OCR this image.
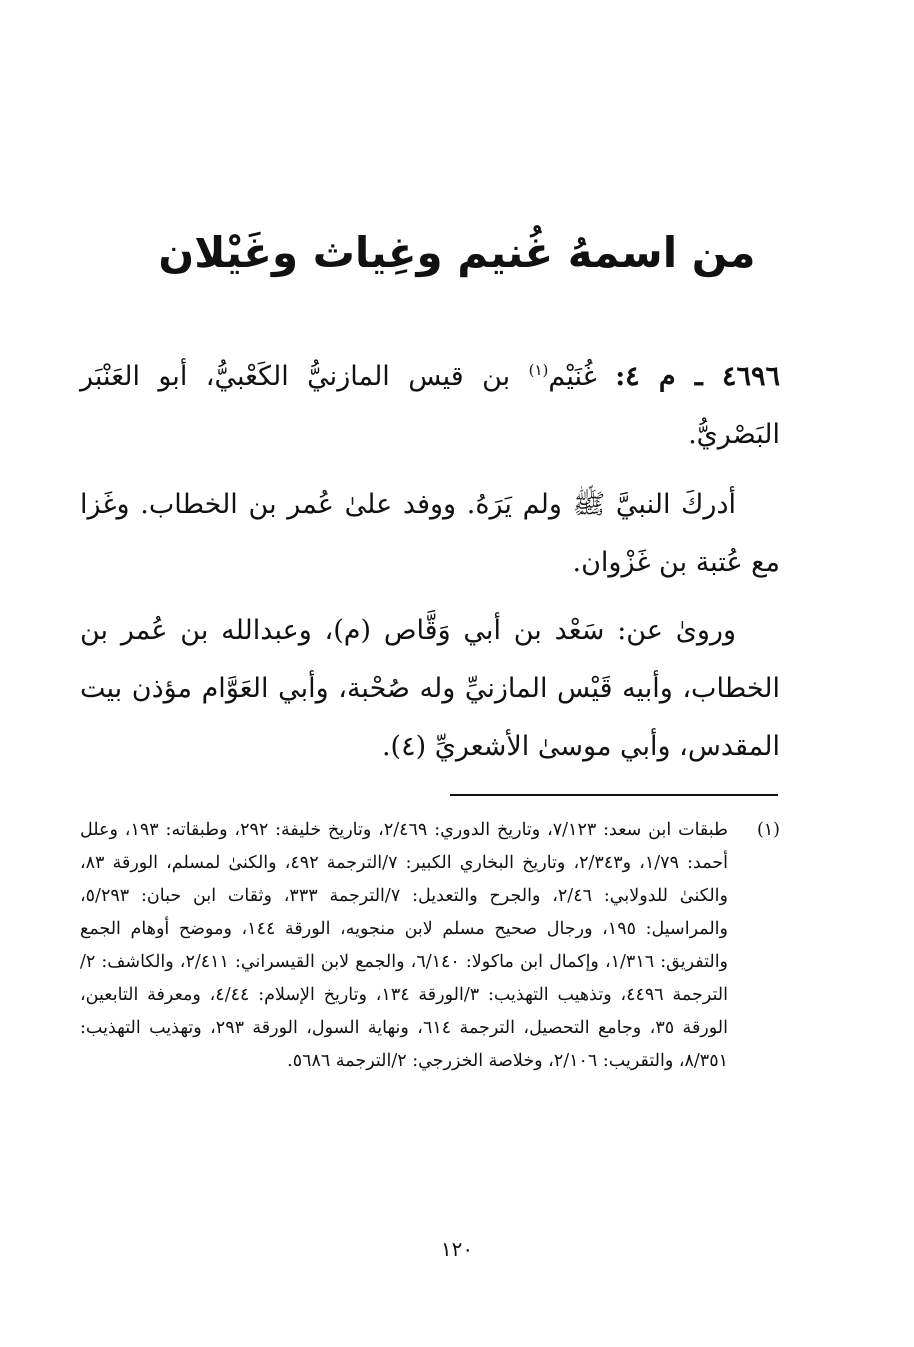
من اسمهُ غُنيم وغِياث وغَيْلان

٤٦٩٦ ـ م ٤: غُنَيْم$^{(١)}$ بن قيس المازنيُّ الكَعْبيُّ، أبو العَنْبَر البَصْريُّ.

أدركَ النبيَّ ﷺ ولم يَرَهُ. ووفد علىٰ عُمر بن الخطاب. وغَزا مع عُتبة بن غَزْوان.

وروىٰ عن: سَعْد بن أبي وَقَّاص (م)، وعبدالله بن عُمر بن الخطاب، وأبيه قَيْس المازنيِّ وله صُحْبة، وأبي العَوَّام مؤذن بيت المقدس، وأبي موسىٰ الأشعريِّ (٤).

(١)

طبقات ابن سعد: ٧/١٢٣، وتاريخ الدوري: ٢/٤٦٩، وتاريخ خليفة: ٢٩٢، وطبقاته: ١٩٣، وعلل أحمد: ١/٧٩، و٢/٣٤٣، وتاريخ البخاري الكبير: ٧/الترجمة ٤٩٢، والكنىٰ لمسلم، الورقة ٨٣، والكنىٰ للدولابي: ٢/٤٦، والجرح والتعديل: ٧/الترجمة ٣٣٣، وثقات ابن حبان: ٥/٢٩٣، والمراسيل: ١٩٥، ورجال صحيح مسلم لابن منجويه، الورقة ١٤٤، وموضح أوهام الجمع والتفريق: ١/٣١٦، وإكمال ابن ماكولا: ٦/١٤٠، والجمع لابن القيسراني: ٢/٤١١، والكاشف: ٢/الترجمة ٤٤٩٦، وتذهيب التهذيب: ٣/الورقة ١٣٤، وتاريخ الإسلام: ٤/٤٤، ومعرفة التابعين، الورقة ٣٥، وجامع التحصيل، الترجمة ٦١٤، ونهاية السول، الورقة ٢٩٣، وتهذيب التهذيب: ٨/٣٥١، والتقريب: ٢/١٠٦، وخلاصة الخزرجي: ٢/الترجمة ٥٦٨٦.

١٢٠
